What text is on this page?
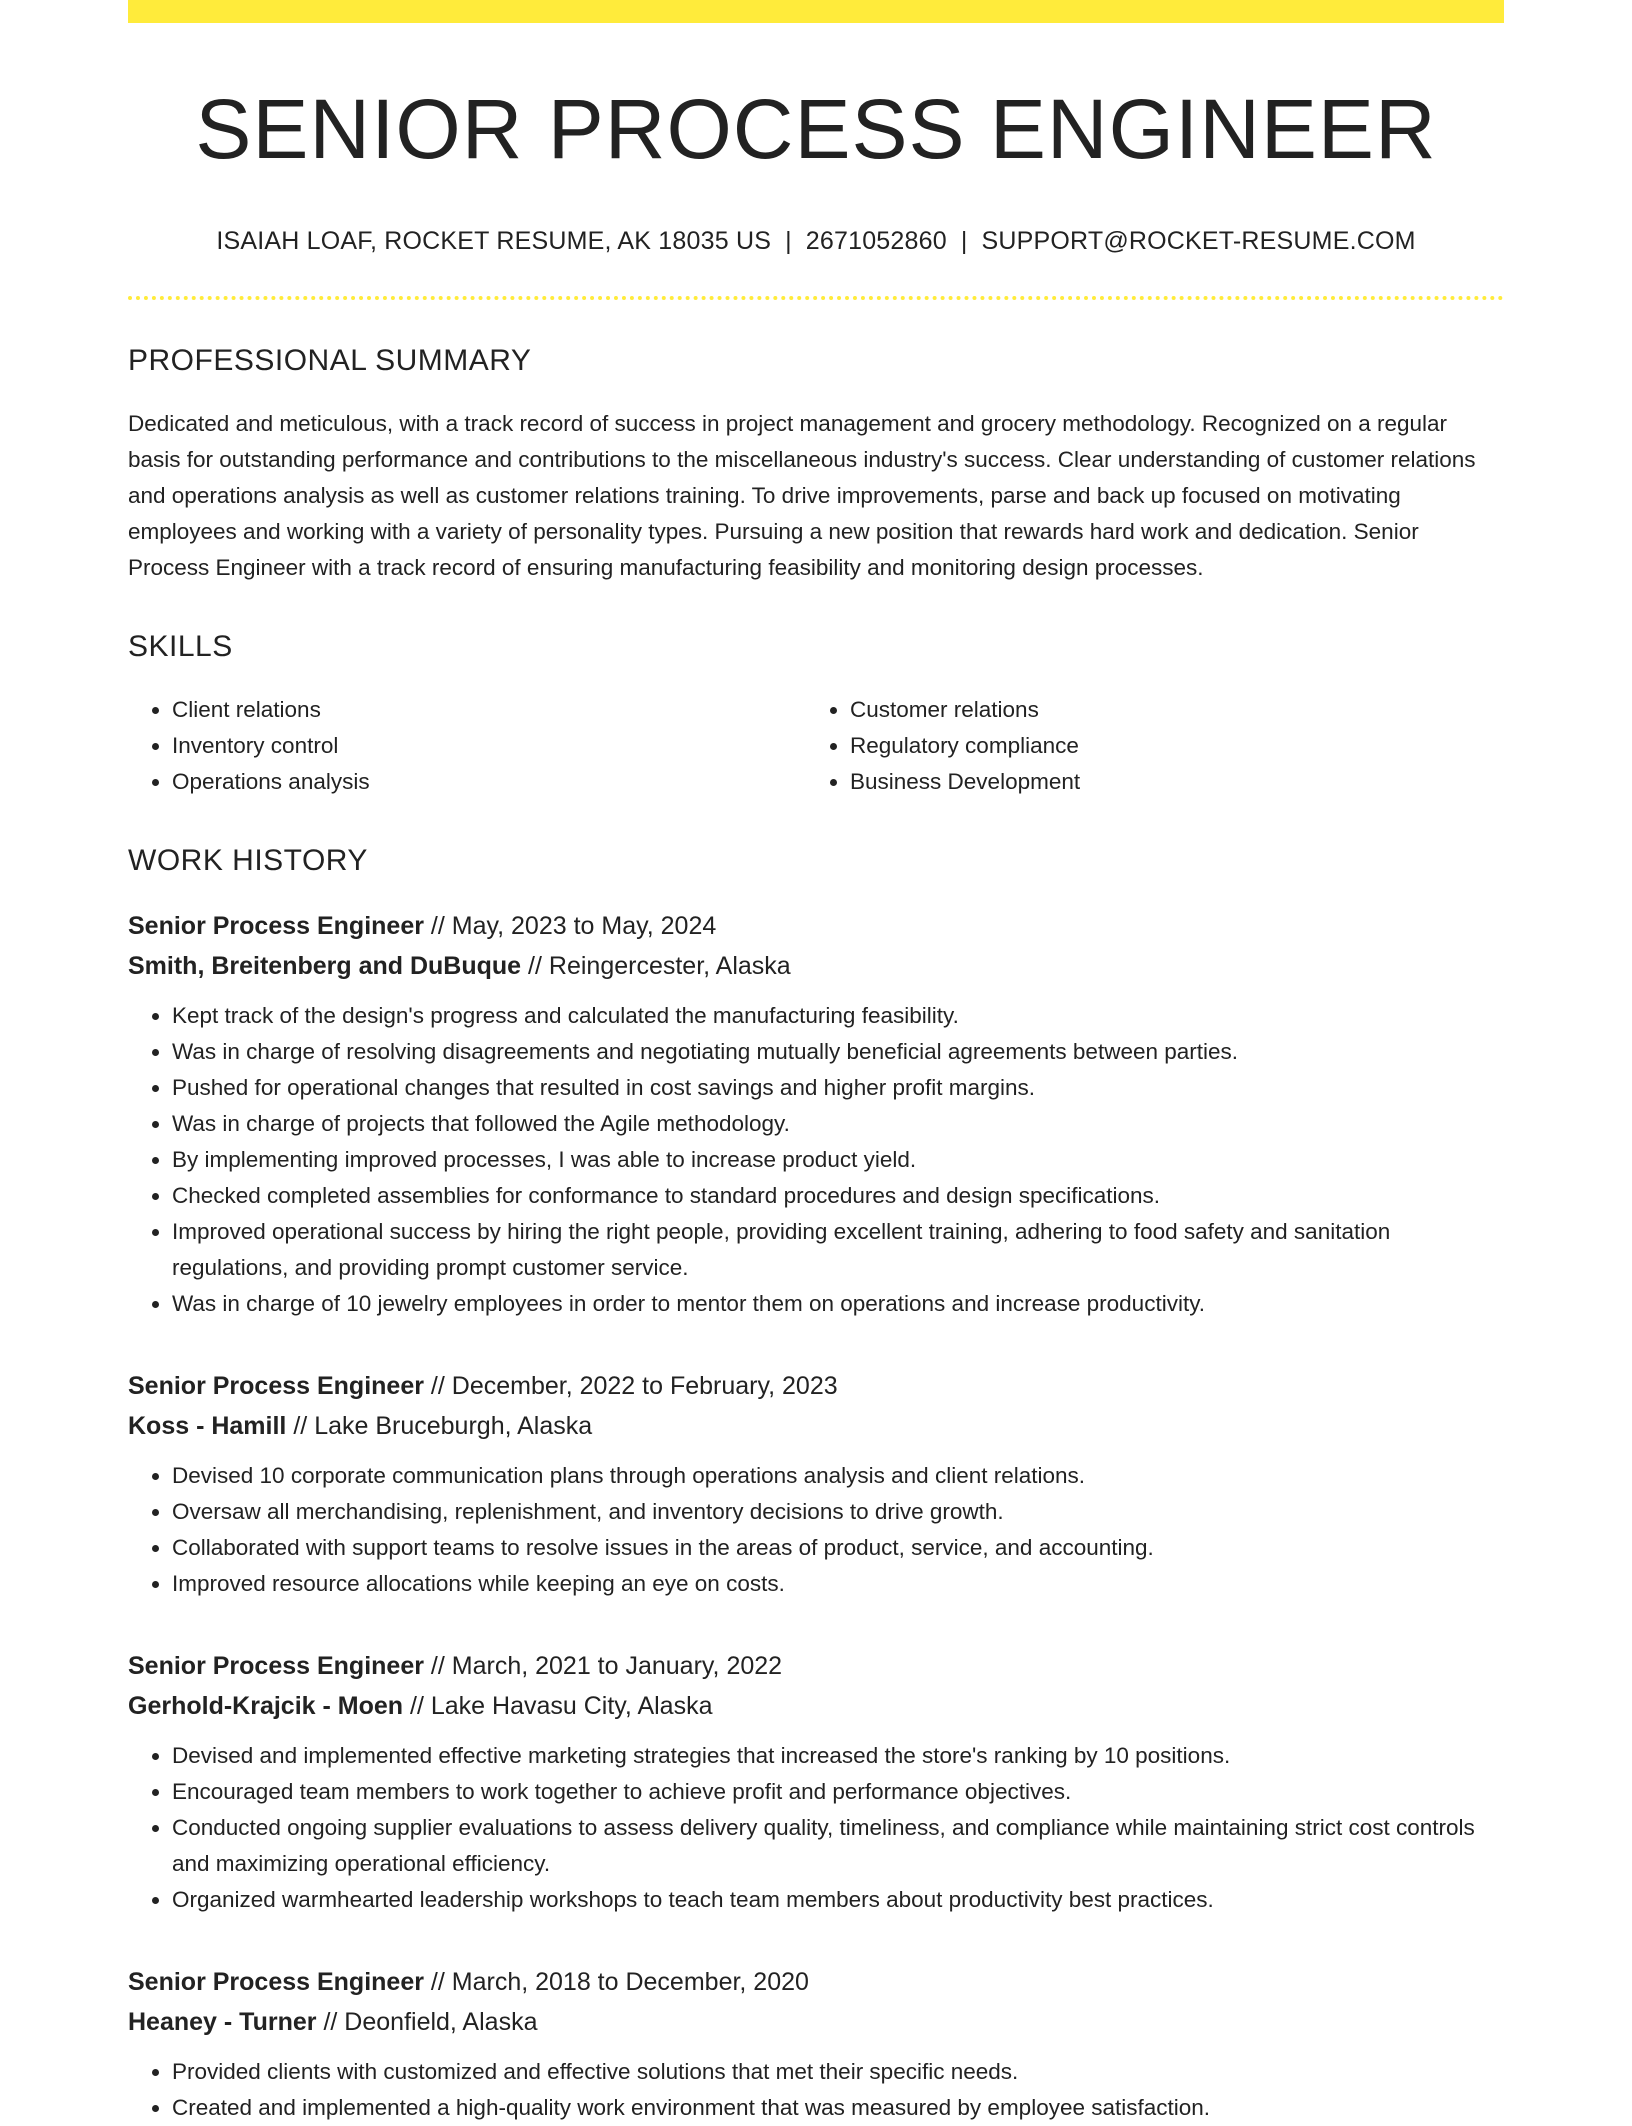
SENIOR PROCESS ENGINEER
ISAIAH LOAF, ROCKET RESUME, AK 18035 US | 2671052860 | SUPPORT@ROCKET-RESUME.COM
PROFESSIONAL SUMMARY

Dedicated and meticulous, with a track record of success in project management and grocery methodology. Recognized on a regular basis for outstanding performance and contributions to the miscellaneous industry's success. Clear understanding of customer relations and operations analysis as well as customer relations training. To drive improvements, parse and back up focused on motivating employees and working with a variety of personality types. Pursuing a new position that rewards hard work and dedication. Senior Process Engineer with a track record of ensuring manufacturing feasibility and monitoring design processes.

SKILLS
• Client relations
• Inventory control
• Operations analysis
• Customer relations
• Regulatory compliance
• Business Development
WORK HISTORY
Senior Process Engineer // May, 2023 to May, 2024
Smith, Breitenberg and DuBuque // Reingercester, Alaska
• Kept track of the design's progress and calculated the manufacturing feasibility.
• Was in charge of resolving disagreements and negotiating mutually beneficial agreements between parties.
• Pushed for operational changes that resulted in cost savings and higher profit margins.
• Was in charge of projects that followed the Agile methodology.
• By implementing improved processes, I was able to increase product yield.
• Checked completed assemblies for conformance to standard procedures and design specifications.
• Improved operational success by hiring the right people, providing excellent training, adhering to food safety and sanitation regulations, and providing prompt customer service.
• Was in charge of 10 jewelry employees in order to mentor them on operations and increase productivity.
Senior Process Engineer // December, 2022 to February, 2023
Koss - Hamill // Lake Bruceburgh, Alaska
• Devised 10 corporate communication plans through operations analysis and client relations.
• Oversaw all merchandising, replenishment, and inventory decisions to drive growth.
• Collaborated with support teams to resolve issues in the areas of product, service, and accounting.
• Improved resource allocations while keeping an eye on costs.
Senior Process Engineer // March, 2021 to January, 2022
Gerhold-Krajcik - Moen // Lake Havasu City, Alaska
• Devised and implemented effective marketing strategies that increased the store's ranking by 10 positions.
• Encouraged team members to work together to achieve profit and performance objectives.
• Conducted ongoing supplier evaluations to assess delivery quality, timeliness, and compliance while maintaining strict cost controls and maximizing operational efficiency.
• Organized warmhearted leadership workshops to teach team members about productivity best practices.
Senior Process Engineer // March, 2018 to December, 2020
Heaney - Turner // Deonfield, Alaska
• Provided clients with customized and effective solutions that met their specific needs.
• Created and implemented a high-quality work environment that was measured by employee satisfaction.
